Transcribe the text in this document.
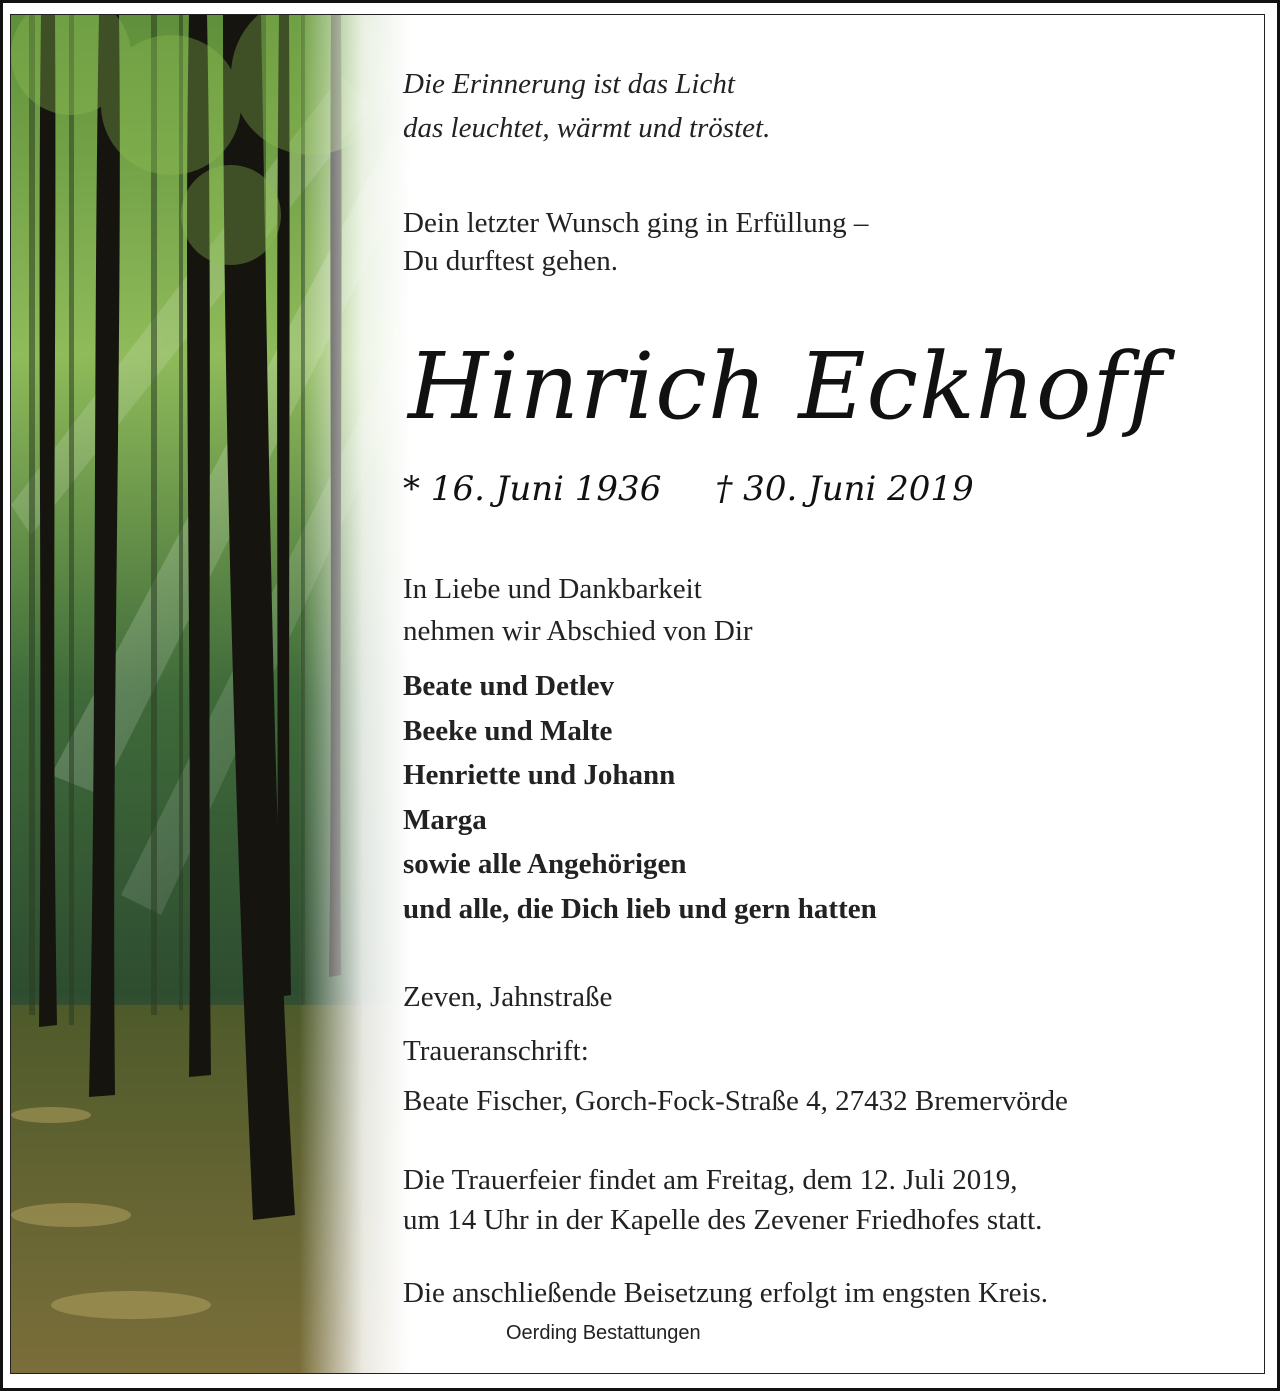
Die Erinnerung ist das Licht
das leuchtet, wärmt und tröstet.
Dein letzter Wunsch ging in Erfüllung –
Du durftest gehen.
Hinrich Eckhoff
* 16. Juni 1936 † 30. Juni 2019
In Liebe und Dankbarkeit
nehmen wir Abschied von Dir
Beate und Detlev
Beeke und Malte
Henriette und Johann
Marga
sowie alle Angehörigen
und alle, die Dich lieb und gern hatten
Zeven, Jahnstraße
Traueranschrift:
Beate Fischer, Gorch-Fock-Straße 4, 27432 Bremervörde
Die Trauerfeier findet am Freitag, dem 12. Juli 2019,
um 14 Uhr in der Kapelle des Zevener Friedhofes statt.
Die anschließende Beisetzung erfolgt im engsten Kreis.
Oerding Bestattungen
